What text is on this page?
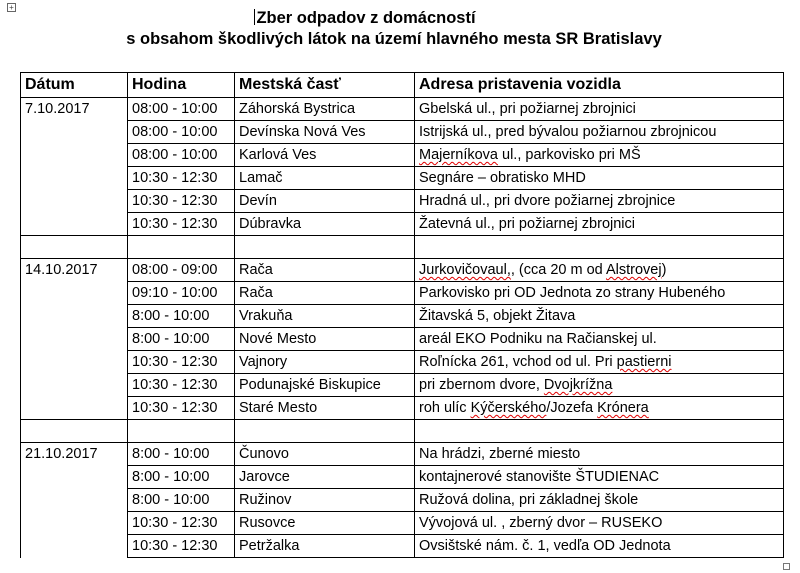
+
Zber odpadov z domácností
s obsahom škodlivých látok na území hlavného mesta SR Bratislavy
Dátum	Hodina	Mestská časť	Adresa pristavenia vozidla
7.10.2017	08:00 - 10:00	Záhorská Bystrica	Gbelská ul., pri požiarnej zbrojnici
	08:00 - 10:00	Devínska Nová Ves	Istrijská ul., pred bývalou požiarnou zbrojnicou
	08:00 - 10:00	Karlová Ves	Majerníkova ul., parkovisko pri MŠ
	10:30 - 12:30	Lamač	Segnáre – obratisko MHD
	10:30 - 12:30	Devín	Hradná ul., pri dvore požiarnej zbrojnice
	10:30 - 12:30	Dúbravka	Žatevná ul., pri požiarnej zbrojnici

14.10.2017	08:00 - 09:00	Rača	Jurkovičovaul,, (cca 20 m od Alstrovej)
	09:10 - 10:00	Rača	Parkovisko pri OD Jednota zo strany Hubeného
	8:00 - 10:00	Vrakuňa	Žitavská 5, objekt Žitava
	8:00 - 10:00	Nové Mesto	areál EKO Podniku na Račianskej ul.
	10:30 - 12:30	Vajnory	Roľnícka 261, vchod od ul. Pri pastierni
	10:30 - 12:30	Podunajské Biskupice	pri zbernom dvore, Dvojkrížna
	10:30 - 12:30	Staré Mesto	roh ulíc Kýčerského/Jozefa Krónera

21.10.2017	8:00 - 10:00	Čunovo	Na hrádzi, zberné miesto
	8:00 - 10:00	Jarovce	kontajnerové stanovište ŠTUDIENAC
	8:00 - 10:00	Ružinov	Ružová dolina, pri základnej škole
	10:30 - 12:30	Rusovce	Vývojová ul. , zberný dvor – RUSEKO
	10:30 - 12:30	Petržalka	Ovsištské nám. č. 1, vedľa OD Jednota
